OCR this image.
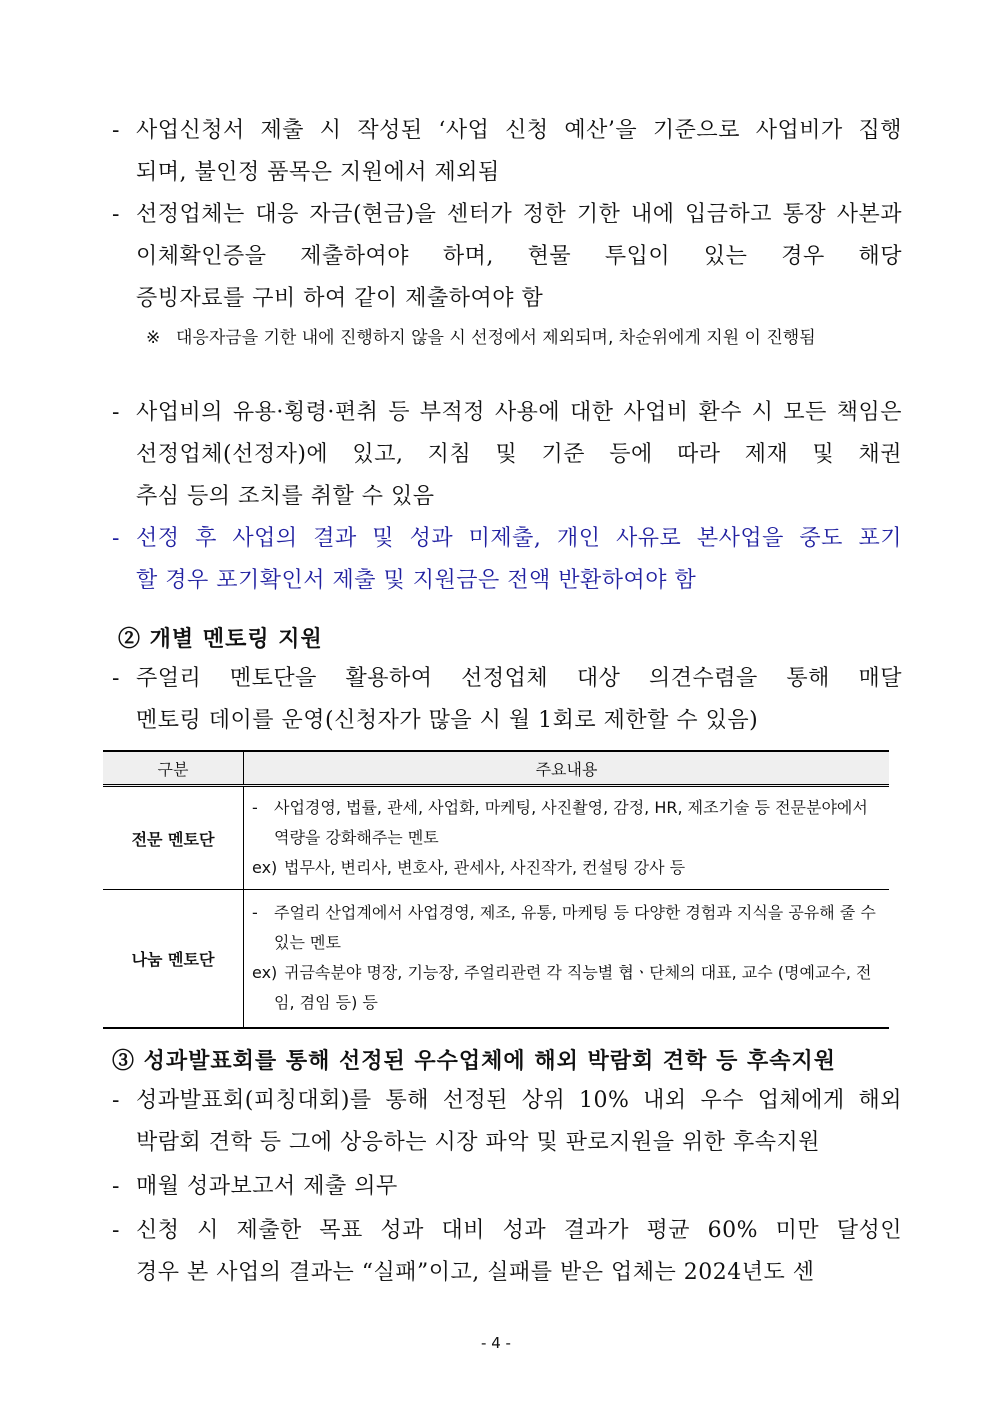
- 사업신청서 제출 시 작성된 ‘사업 신청 예산’을 기준으로 사업비가 집행
되며, 불인정 품목은 지원에서 제외됨
- 선정업체는 대응 자금(현금)을 센터가 정한 기한 내에 입금하고 통장 사본과 이체확인증을 제출하여야 하며, 현물 투입이 있는 경우 해당
증빙자료를 구비 하여 같이 제출하여야 함
※ 대응자금을 기한 내에 진행하지 않을 시 선정에서 제외되며, 차순위에게 지원 이 진행됨
- 사업비의 유용·횡령·편취 등 부적정 사용에 대한 사업비 환수 시 모든 책임은 선정업체(선정자)에 있고, 지침 및 기준 등에 따라 제재 및 채권
추심 등의 조치를 취할 수 있음
- 선정 후 사업의 결과 및 성과 미제출, 개인 사유로 본사업을 중도 포기
할 경우 포기확인서 제출 및 지원금은 전액 반환하여야 함
② 개별 멘토링 지원
- 주얼리 멘토단을 활용하여 선정업체 대상 의견수렴을 통해 매달
멘토링 데이를 운영(신청자가 많을 시 월 1회로 제한할 수 있음)
구분	주요내용
전문 멘토단	- 사업경영, 법률, 관세, 사업화, 마케팅, 사진촬영, 감정, HR, 제조기술 등 전문분야에서 역량을 강화해주는 멘토
ex) 법무사, 변리사, 변호사, 관세사, 사진작가, 컨설팅 강사 등

나눔 멘토단	- 주얼리 산업계에서 사업경영, 제조, 유통, 마케팅 등 다양한 경험과 지식을 공유해 줄 수 있는 멘토
ex) 귀금속분야 명장, 기능장, 주얼리관련 각 직능별 협ㆍ단체의 대표, 교수 (명예교수, 전임, 겸임 등) 등
③ 성과발표회를 통해 선정된 우수업체에 해외 박람회 견학 등 후속지원
- 성과발표회(피칭대회)를 통해 선정된 상위 10% 내외 우수 업체에게 해외
박람회 견학 등 그에 상응하는 시장 파악 및 판로지원을 위한 후속지원
- 매월 성과보고서 제출 의무
- 신청 시 제출한 목표 성과 대비 성과 결과가 평균 60% 미만 달성인
경우 본 사업의 결과는 “실패”이고, 실패를 받은 업체는 2024년도 센
- 4 -
